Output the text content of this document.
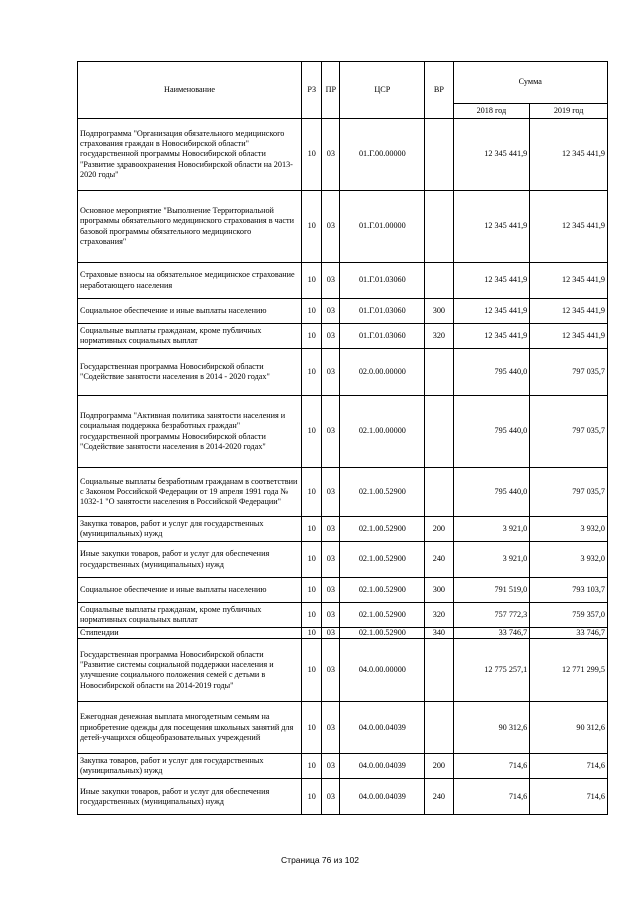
Наименование	РЗ	ПР	ЦСР	ВР	Сумма	
					2018 год	2019 год
Подпрограмма "Организация обязательного медицинского страхования граждан в Новосибирской области" государственной программы Новосибирской области "Развитие здравоохранения Новосибирской области на 2013-2020 годы"	10	03	01.Г.00.00000		12 345 441,9	12 345 441,9
Основное мероприятие "Выполнение Территориальной программы обязательного медицинского страхования в части базовой программы обязательного медицинского страхования"	10	03	01.Г.01.00000		12 345 441,9	12 345 441,9
Страховые взносы на обязательное медицинское страхование неработающего населения	10	03	01.Г.01.03060		12 345 441,9	12 345 441,9
Социальное обеспечение и иные выплаты населению	10	03	01.Г.01.03060	300	12 345 441,9	12 345 441,9
Социальные выплаты гражданам, кроме публичных нормативных социальных выплат	10	03	01.Г.01.03060	320	12 345 441,9	12 345 441,9
Государственная программа Новосибирской области "Содействие занятости населения в 2014 - 2020 годах"	10	03	02.0.00.00000		795 440,0	797 035,7
Подпрограмма "Активная политика занятости населения и социальная поддержка безработных граждан" государственной программы Новосибирской области "Содействие занятости населения в 2014-2020 годах"	10	03	02.1.00.00000		795 440,0	797 035,7
Социальные выплаты безработным гражданам в соответствии с Законом Российской Федерации от 19 апреля 1991 года № 1032-1 "О занятости населения в Российской Федерации"	10	03	02.1.00.52900		795 440,0	797 035,7
Закупка товаров, работ и услуг для государственных (муниципальных) нужд	10	03	02.1.00.52900	200	3 921,0	3 932,0
Иные закупки товаров, работ и услуг для обеспечения государственных (муниципальных) нужд	10	03	02.1.00.52900	240	3 921,0	3 932,0
Социальное обеспечение и иные выплаты населению	10	03	02.1.00.52900	300	791 519,0	793 103,7
Социальные выплаты гражданам, кроме публичных нормативных социальных выплат	10	03	02.1.00.52900	320	757 772,3	759 357,0
Стипендии	10	03	02.1.00.52900	340	33 746,7	33 746,7
Государственная программа Новосибирской области "Развитие системы социальной поддержки населения и улучшение социального положения семей с детьми в Новосибирской области на 2014-2019 годы"	10	03	04.0.00.00000		12 775 257,1	12 771 299,5
Ежегодная денежная выплата многодетным семьям на приобретение одежды для посещения школьных занятий для детей-учащихся общеобразовательных учреждений	10	03	04.0.00.04039		90 312,6	90 312,6
Закупка товаров, работ и услуг для государственных (муниципальных) нужд	10	03	04.0.00.04039	200	714,6	714,6
Иные закупки товаров, работ и услуг для обеспечения государственных (муниципальных) нужд	10	03	04.0.00.04039	240	714,6	714,6
Страница 76 из 102
